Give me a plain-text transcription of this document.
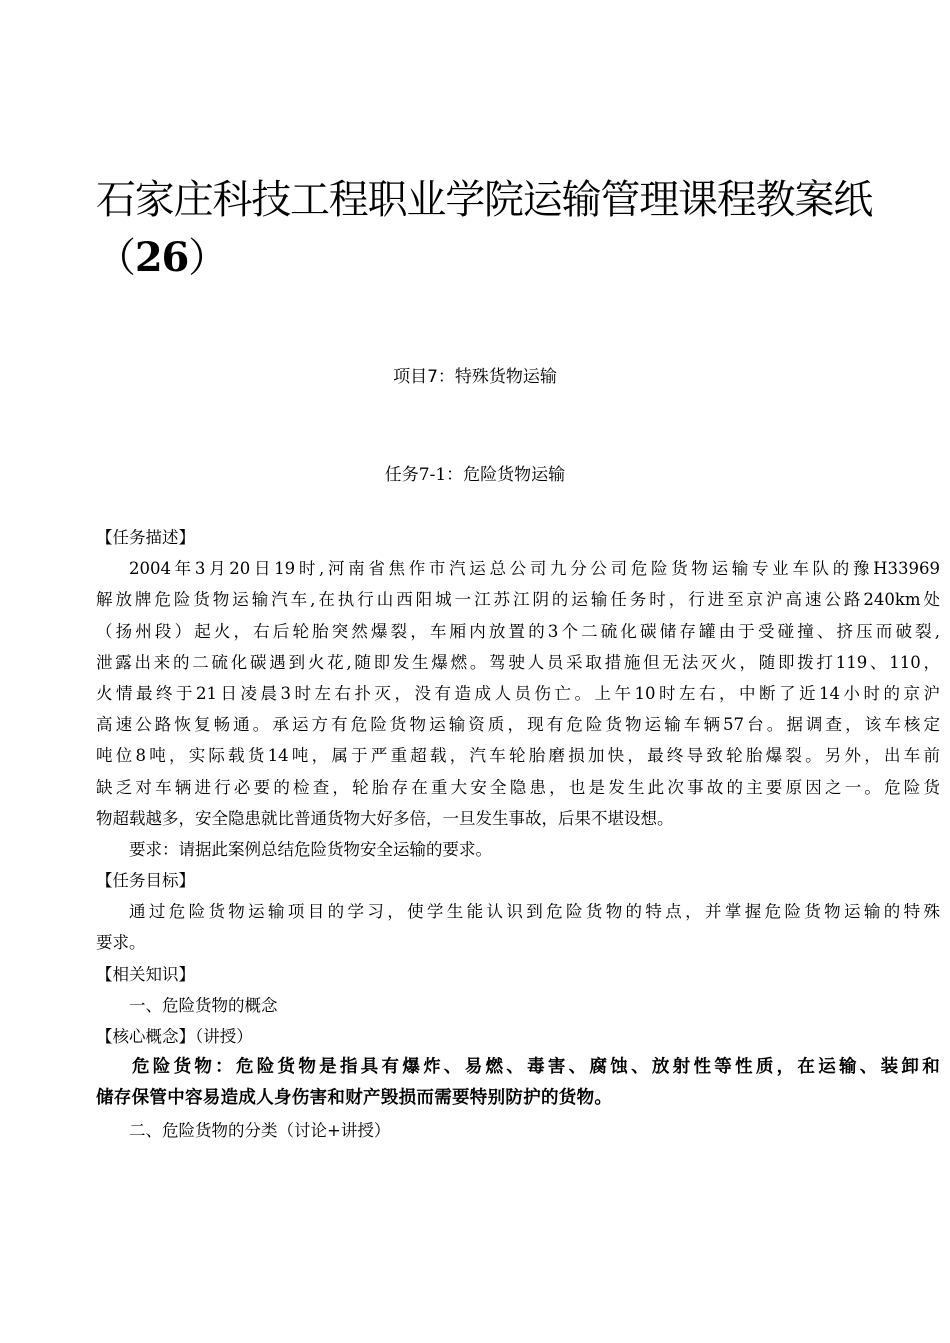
石家庄科技工程职业学院运输管理课程教案纸
（26）
项目7：特殊货物运输
任务7-1：危险货物运输
【任务描述】
2004年3月20日19时,河南省焦作市汽运总公司九分公司危险货物运输专业车队的豫H33969
解放牌危险货物运输汽车,在执行山西阳城一江苏江阴的运输任务时，行进至京沪高速公路240km处
（扬州段）起火，右后轮胎突然爆裂，车厢内放置的3个二硫化碳储存罐由于受碰撞、挤压而破裂,
泄露出来的二硫化碳遇到火花,随即发生爆燃。驾驶人员采取措施但无法灭火，随即拨打119、110，
火情最终于21日凌晨3时左右扑灭，没有造成人员伤亡。上午10时左右，中断了近14小时的京沪
高速公路恢复畅通。承运方有危险货物运输资质，现有危险货物运输车辆57台。据调查，该车核定
吨位8吨，实际载货14吨，属于严重超载，汽车轮胎磨损加快，最终导致轮胎爆裂。另外，出车前
缺乏对车辆进行必要的检查，轮胎存在重大安全隐患，也是发生此次事故的主要原因之一。危险货
物超载越多，安全隐患就比普通货物大好多倍，一旦发生事故，后果不堪设想。
要求：请据此案例总结危险货物安全运输的要求。
【任务目标】
通过危险货物运输项目的学习，使学生能认识到危险货物的特点，并掌握危险货物运输的特殊
要求。
【相关知识】
一、危险货物的概念
【核心概念】（讲授）
危险货物：危险货物是指具有爆炸、易燃、毒害、腐蚀、放射性等性质，在运输、装卸和
储存保管中容易造成人身伤害和财产毁损而需要特别防护的货物。
二、危险货物的分类（讨论+讲授）
